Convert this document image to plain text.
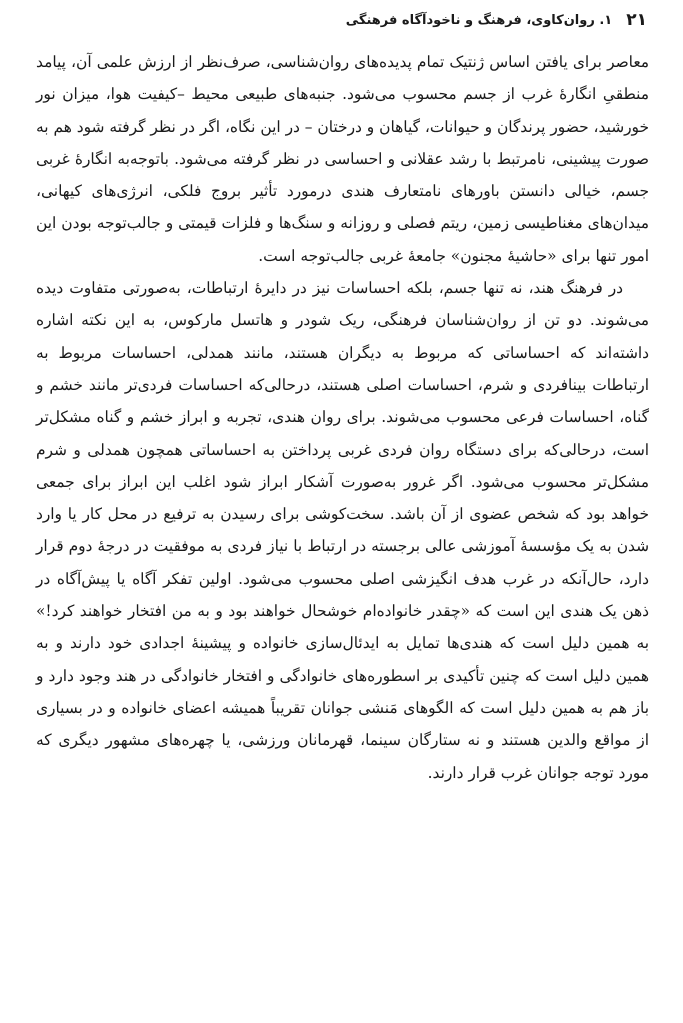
۲۱
۱. روان‌کاوی، فرهنگ و ناخودآگاه فرهنگی

معاصر برای یافتن اساس ژنتیک تمام پدیده‌های روان‌شناسی، صرف‌نظر از ارزش علمی آن، پیامد منطقیِ انگارهٔ غرب از جسم محسوب می‌شود. جنبه‌های طبیعی محیط –کیفیت هوا، میزان نور خورشید، حضور پرندگان و حیوانات، گیاهان و درختان – در این نگاه، اگر در نظر گرفته شود هم به صورت پیشینی، نامرتبط با رشد عقلانی و احساسی در نظر گرفته می‌شود. باتوجه‌به انگارهٔ غربی جسم، خیالی دانستن باورهای نامتعارف هندی درمورد تأثیر بروج فلکی، انرژی‌های کیهانی، میدان‌های مغناطیسی زمین، ریتم فصلی و روزانه و سنگ‌ها و فلزات قیمتی و جالب‌توجه بودن این امور تنها برای «حاشیهٔ مجنون» جامعهٔ غربی جالب‌توجه است.

در فرهنگ هند، نه تنها جسم، بلکه احساسات نیز در دایرهٔ ارتباطات، به‌صورتی متفاوت دیده می‌شوند. دو تن از روان‌شناسان فرهنگی، ریک شودر و هاتسل مارکوس، به این نکته اشاره داشته‌اند که احساساتی که مربوط به دیگران هستند، مانند همدلی، احساسات مربوط به ارتباطات بینافردی و شرم، احساسات اصلی هستند، درحالی‌که احساسات فردی‌تر مانند خشم و گناه، احساسات فرعی محسوب می‌شوند. برای روان هندی، تجربه و ابراز خشم و گناه مشکل‌تر است، درحالی‌که برای دستگاه روان فردی غربی پرداختن به احساساتی همچون همدلی و شرم مشکل‌تر محسوب می‌شود. اگر غرور به‌صورت آشکار ابراز شود اغلب این ابراز برای جمعی خواهد بود که شخص عضوی از آن باشد. سخت‌کوشی برای رسیدن به ترفیع در محل کار یا وارد شدن به یک مؤسسهٔ آموزشی عالی برجسته در ارتباط با نیاز فردی به موفقیت در درجهٔ دوم قرار دارد، حال‌آنکه در غرب هدف انگیزشی اصلی محسوب می‌شود. اولین تفکر آگاه یا پیش‌آگاه در ذهن یک هندی این است که «چقدر خانواده‌ام خوشحال خواهند بود و به من افتخار خواهند کرد!» به همین دلیل است که هندی‌ها تمایل به ایدئال‌سازی خانواده و پیشینهٔ اجدادی خود دارند و به همین دلیل است که چنین تأکیدی بر اسطوره‌های خانوادگی و افتخار خانوادگی در هند وجود دارد و باز هم به همین دلیل است که الگوهای مَنشی جوانان تقریباً همیشه اعضای خانواده و در بسیاری از مواقع والدین هستند و نه ستارگان سینما، قهرمانان ورزشی، یا چهره‌های مشهور دیگری که مورد توجه جوانان غرب قرار دارند.
